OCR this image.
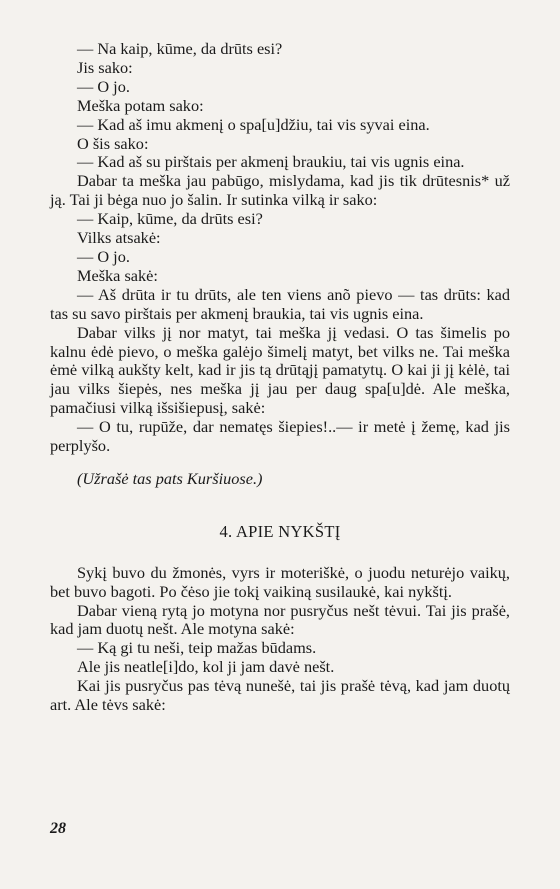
— Na kaip, kūme, da drūts esi?

Jis sako:

— O jo.

Meška potam sako:

— Kad aš imu akmenį o spa[u]džiu, tai vis syvai eina.

O šis sako:

— Kad aš su pirštais per akmenį braukiu, tai vis ugnis eina.

Dabar ta meška jau pabūgo, mislydama, kad jis tik drūtesnis* už ją. Tai ji bėga nuo jo šalin. Ir sutinka vilką ir sako:

— Kaip, kūme, da drūts esi?

Vilks atsakė:

— O jo.

Meška sakė:

— Aš drūta ir tu drūts, ale ten viens anõ pievo — tas drūts: kad tas su savo pirštais per akmenį braukia, tai vis ugnis eina.

Dabar vilks jį nor matyt, tai meška jį vedasi. O tas šimelis po kalnu ėdė pievo, o meška galėjo šimelį matyt, bet vilks ne. Tai meška ėmė vilką aukšty kelt, kad ir jis tą drūtąjį pamatytų. O kai ji jį kėlė, tai jau vilks šiepės, nes meška jį jau per daug spa[u]dė. Ale meška, pamačiusi vilką išsišiepusį, sakė:

— O tu, rupūže, dar nematęs šiepies!..— ir metė į žemę, kad jis perplyšo.

(Užrašė tas pats Kuršiuose.)

4. APIE NYKŠTĮ

Sykį buvo du žmonės, vyrs ir moteriškė, o juodu neturėjo vaikų, bet buvo bagoti. Po čėso jie tokį vaikiną susilaukė, kai nykštį.

Dabar vieną rytą jo motyna nor pusryčus nešt tėvui. Tai jis prašė, kad jam duotų nešt. Ale motyna sakė:

— Ką gi tu neši, teip mažas būdams.

Ale jis neatle[i]do, kol ji jam davė nešt.

Kai jis pusryčus pas tėvą nunešė, tai jis prašė tėvą, kad jam duotų art. Ale tėvs sakė:

28
